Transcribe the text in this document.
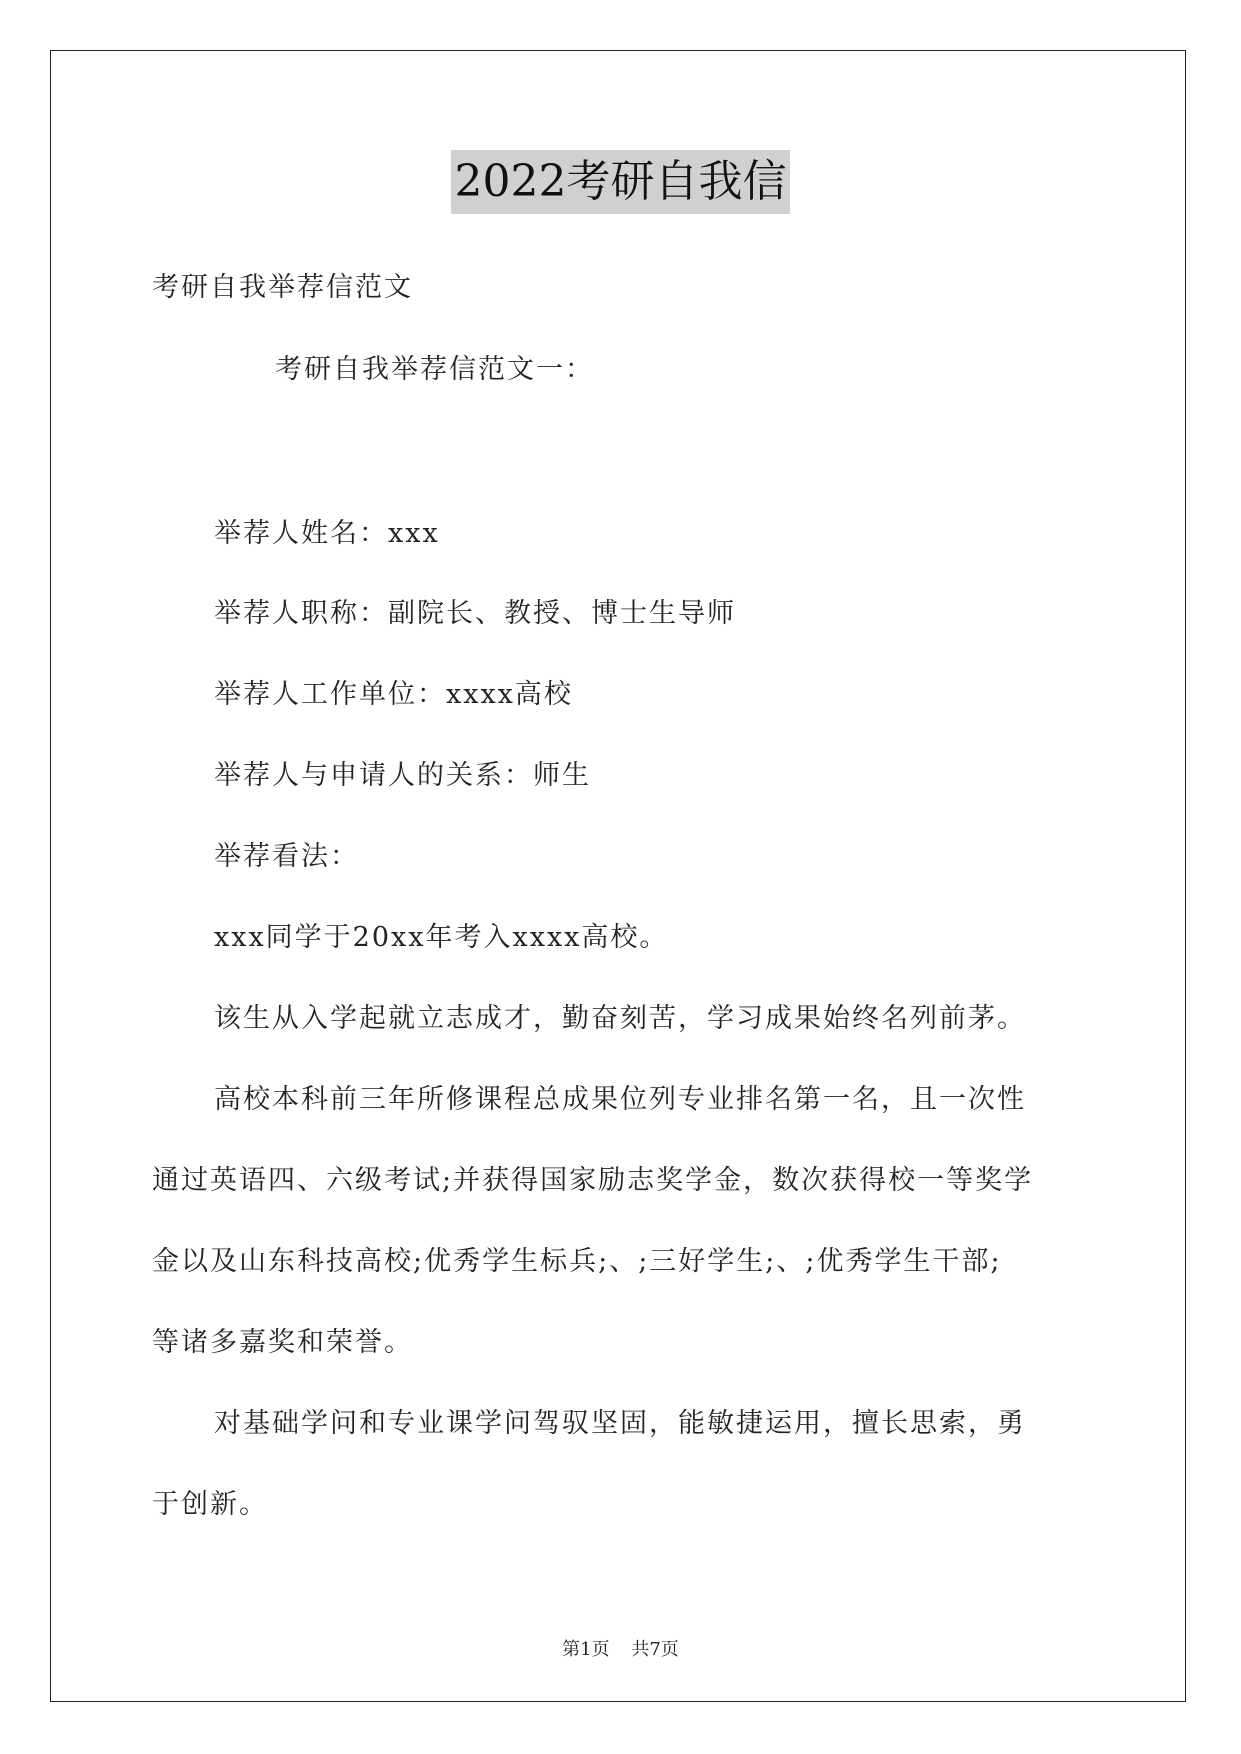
2022考研自我信
考研自我举荐信范文
考研自我举荐信范文一：
举荐人姓名：xxx
举荐人职称：副院长、教授、博士生导师
举荐人工作单位：xxxx高校
举荐人与申请人的关系：师生
举荐看法：
xxx同学于20xx年考入xxxx高校。
该生从入学起就立志成才，勤奋刻苦，学习成果始终名列前茅。
高校本科前三年所修课程总成果位列专业排名第一名，且一次性
通过英语四、六级考试;并获得国家励志奖学金，数次获得校一等奖学
金以及山东科技高校;优秀学生标兵;、;三好学生;、;优秀学生干部;
等诸多嘉奖和荣誉。
对基础学问和专业课学问驾驭坚固，能敏捷运用，擅长思索，勇
于创新。
第1页 共7页
